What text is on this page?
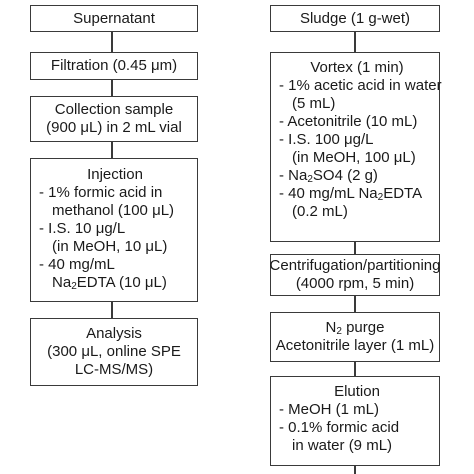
Supernatant
Filtration (0.45 μm)
Collection sample
(900 μL) in 2 mL vial
Injection
- 1% formic acid in
methanol (100 μL)
- I.S. 10 μg/L
(in MeOH, 10 μL)
- 40 mg/mL
$Na_2EDTA$ (10 μL)
Analysis
(300 μL, online SPE
LC-MS/MS)
Sludge (1 g-wet)
Vortex (1 min)
- 1% acetic acid in water
(5 mL)
- Acetonitrile (10 mL)
- I.S. 100 μg/L
(in MeOH, 100 μL)
- $Na_2SO4$ (2 g)
- 40 mg/mL $Na_2EDTA$
(0.2 mL)
Centrifugation/partitioning
(4000 rpm, 5 min)
$N_2$ purge
Acetonitrile layer (1 mL)
Elution
- MeOH (1 mL)
- 0.1% formic acid
in water (9 mL)
